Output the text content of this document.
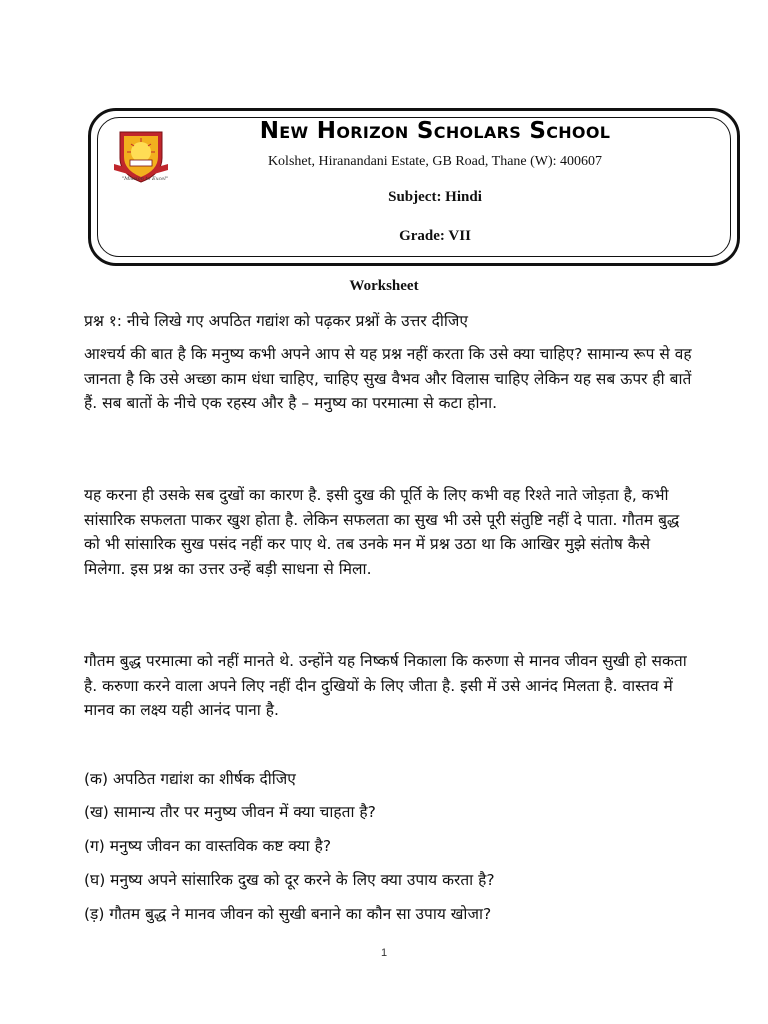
"Mission to Excel"
New Horizon Scholars School
Kolshet, Hiranandani Estate, GB Road, Thane (W): 400607
Subject: Hindi
Grade: VII
Worksheet
प्रश्न १: नीचे लिखे गए अपठित गद्यांश को पढ़कर प्रश्नों के उत्तर दीजिए

आश्चर्य की बात है कि मनुष्य कभी अपने आप से यह प्रश्न नहीं करता कि उसे क्या चाहिए? सामान्य रूप से वह जानता है कि उसे अच्छा काम धंधा चाहिए, चाहिए सुख वैभव और विलास चाहिए लेकिन यह सब ऊपर ही बातें हैं. सब बातों के नीचे एक रहस्य और है – मनुष्य का परमात्मा से कटा होना.

यह करना ही उसके सब दुखों का कारण है. इसी दुख की पूर्ति के लिए कभी वह रिश्ते नाते जोड़ता है, कभी सांसारिक सफलता पाकर खुश होता है. लेकिन सफलता का सुख भी उसे पूरी संतुष्टि नहीं दे पाता. गौतम बुद्ध को भी सांसारिक सुख पसंद नहीं कर पाए थे. तब उनके मन में प्रश्न उठा था कि आखिर मुझे संतोष कैसे मिलेगा. इस प्रश्न का उत्तर उन्हें बड़ी साधना से मिला.

गौतम बुद्ध परमात्मा को नहीं मानते थे. उन्होंने यह निष्कर्ष निकाला कि करुणा से मानव जीवन सुखी हो सकता है. करुणा करने वाला अपने लिए नहीं दीन दुखियों के लिए जीता है. इसी में उसे आनंद मिलता है. वास्तव में मानव का लक्ष्य यही आनंद पाना है.

(क) अपठित गद्यांश का शीर्षक दीजिए
(ख) सामान्य तौर पर मनुष्य जीवन में क्या चाहता है?
(ग) मनुष्य जीवन का वास्तविक कष्ट क्या है?
(घ) मनुष्य अपने सांसारिक दुख को दूर करने के लिए क्या उपाय करता है?
(ड़) गौतम बुद्ध ने मानव जीवन को सुखी बनाने का कौन सा उपाय खोजा?
1
